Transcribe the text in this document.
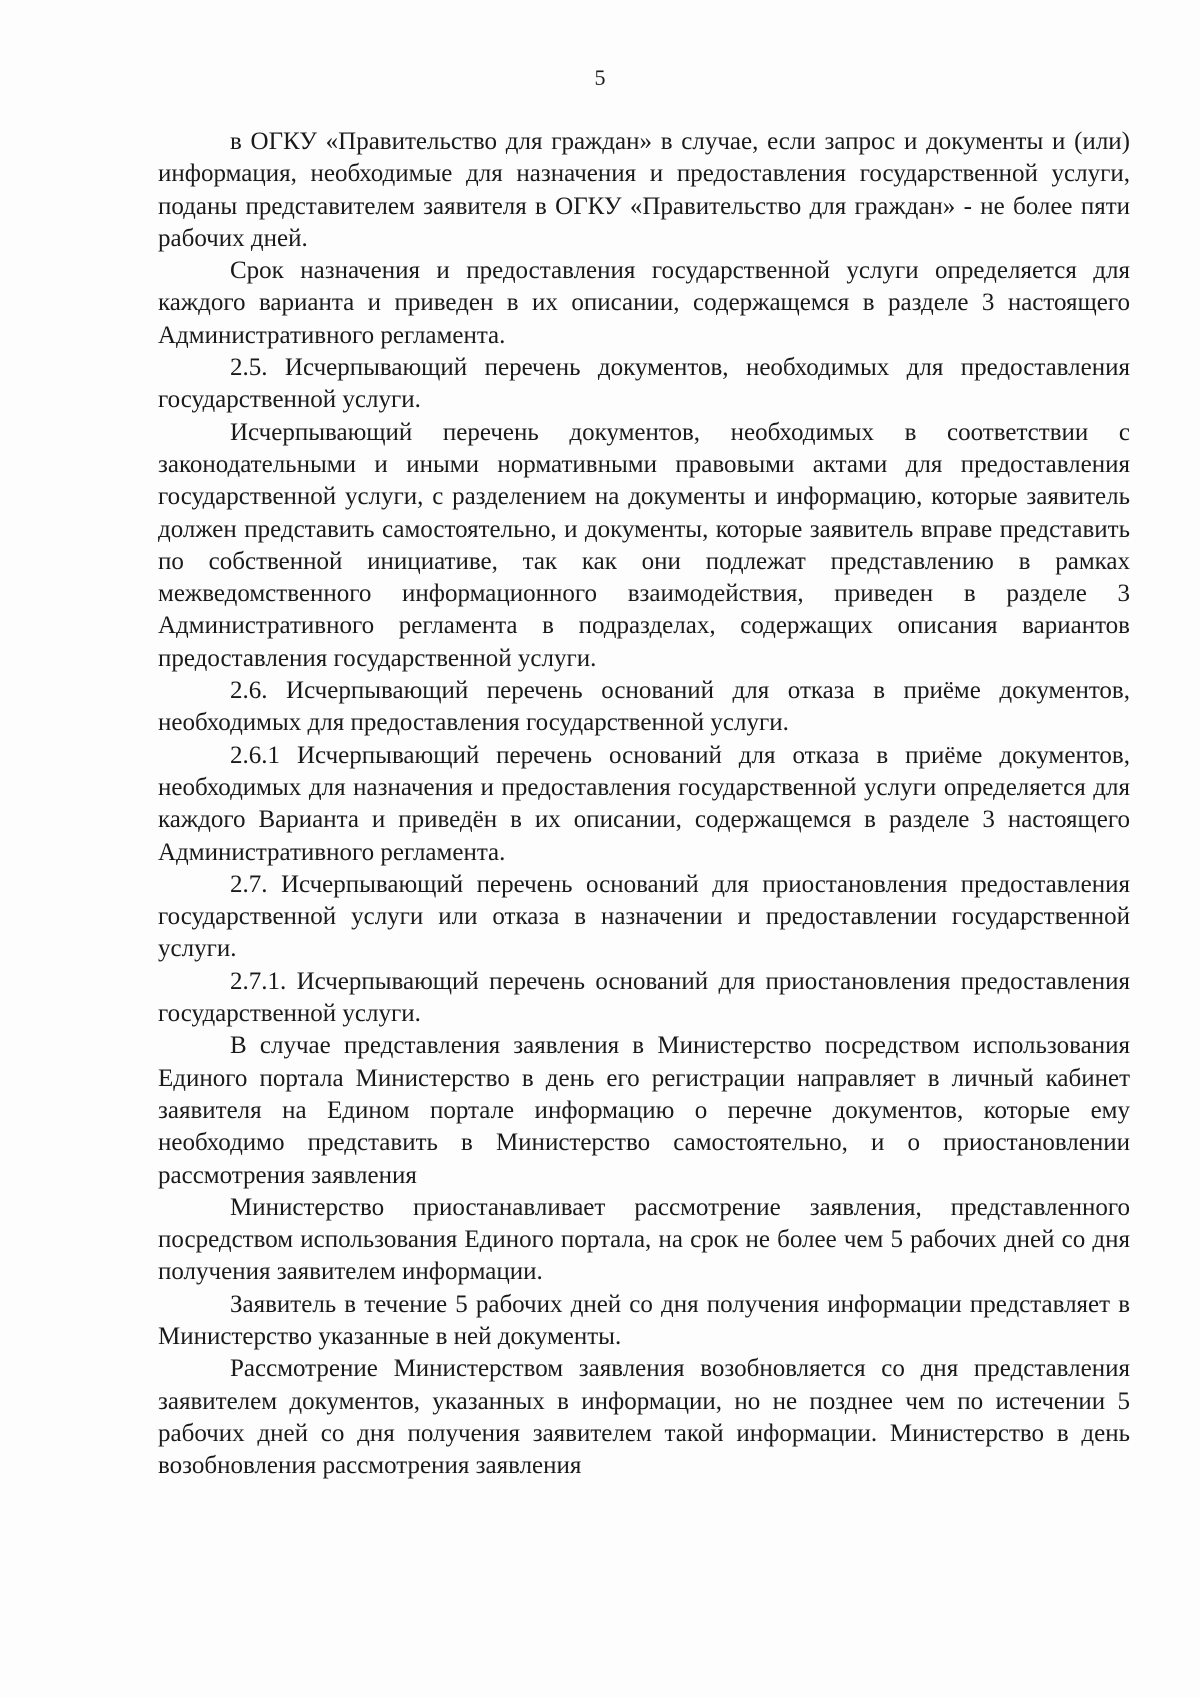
5

в ОГКУ «Правительство для граждан» в случае, если запрос и документы и (или) информация, необходимые для назначения и предоставления государственной услуги, поданы представителем заявителя в ОГКУ «Правительство для граждан» - не более пяти рабочих дней.

Срок назначения и предоставления государственной услуги определяется для каждого варианта и приведен в их описании, содержащемся в разделе 3 настоящего Административного регламента.

2.5. Исчерпывающий перечень документов, необходимых для предоставления государственной услуги.

Исчерпывающий перечень документов, необходимых в соответствии с законодательными и иными нормативными правовыми актами для предоставления государственной услуги, с разделением на документы и информацию, которые заявитель должен представить самостоятельно, и документы, которые заявитель вправе представить по собственной инициативе, так как они подлежат представлению в рамках межведомственного информационного взаимодействия, приведен в разделе 3 Административного регламента в подразделах, содержащих описания вариантов предоставления государственной услуги.

2.6. Исчерпывающий перечень оснований для отказа в приёме документов, необходимых для предоставления государственной услуги.

2.6.1 Исчерпывающий перечень оснований для отказа в приёме документов, необходимых для назначения и предоставления государственной услуги определяется для каждого Варианта и приведён в их описании, содержащемся в разделе 3 настоящего Административного регламента.

2.7. Исчерпывающий перечень оснований для приостановления предоставления государственной услуги или отказа в назначении и предоставлении государственной услуги.

2.7.1. Исчерпывающий перечень оснований для приостановления предоставления государственной услуги.

В случае представления заявления в Министерство посредством использования Единого портала Министерство в день его регистрации направляет в личный кабинет заявителя на Едином портале информацию о перечне документов, которые ему необходимо представить в Министерство самостоятельно, и о приостановлении рассмотрения заявления

Министерство приостанавливает рассмотрение заявления, представленного посредством использования Единого портала, на срок не более чем 5 рабочих дней со дня получения заявителем информации.

Заявитель в течение 5 рабочих дней со дня получения информации представляет в Министерство указанные в ней документы.

Рассмотрение Министерством заявления возобновляется со дня представления заявителем документов, указанных в информации, но не позднее чем по истечении 5 рабочих дней со дня получения заявителем такой информации. Министерство в день возобновления рассмотрения заявления
